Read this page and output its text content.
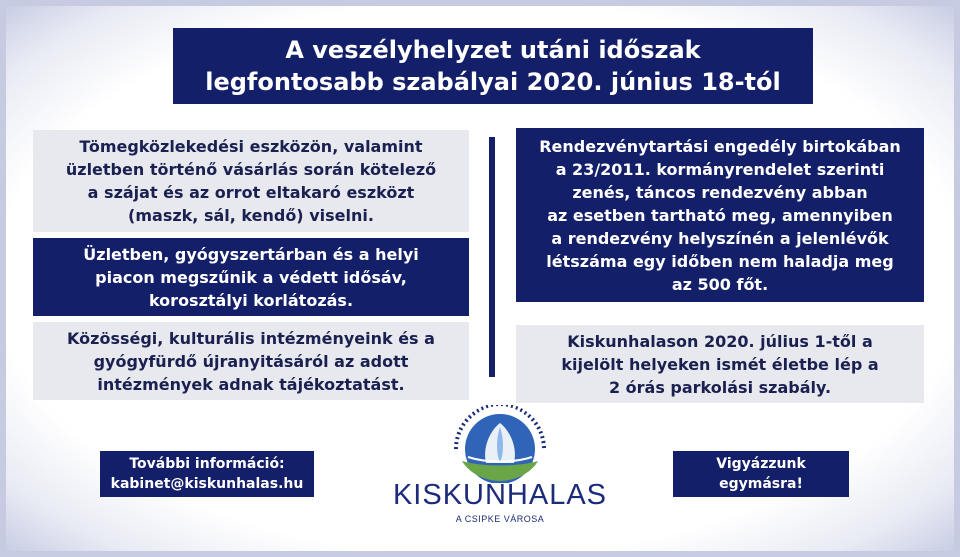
A veszélyhelyzet utáni időszak
legfontosabb szabályai 2020. június 18-tól
Tömegközlekedési eszközön, valamint
üzletben történő vásárlás során kötelező
a szájat és az orrot eltakaró eszközt
(maszk, sál, kendő) viselni.
Üzletben, gyógyszertárban és a helyi
piacon megszűnik a védett idősáv,
korosztályi korlátozás.
Közösségi, kulturális intézményeink és a
gyógyfürdő újranyitásáról az adott
intézmények adnak tájékoztatást.
Rendezvénytartási engedély birtokában
a 23/2011. kormányrendelet szerinti
zenés, táncos rendezvény abban
az esetben tartható meg, amennyiben
a rendezvény helyszínén a jelenlévők
létszáma egy időben nem haladja meg
az 500 főt.
Kiskunhalason 2020. július 1-től a
kijelölt helyeken ismét életbe lép a
2 órás parkolási szabály.
További információ:
kabinet@kiskunhalas.hu
Vigyázzunk
egymásra!
KISKUNHALAS
A CSIPKE VÁROSA
